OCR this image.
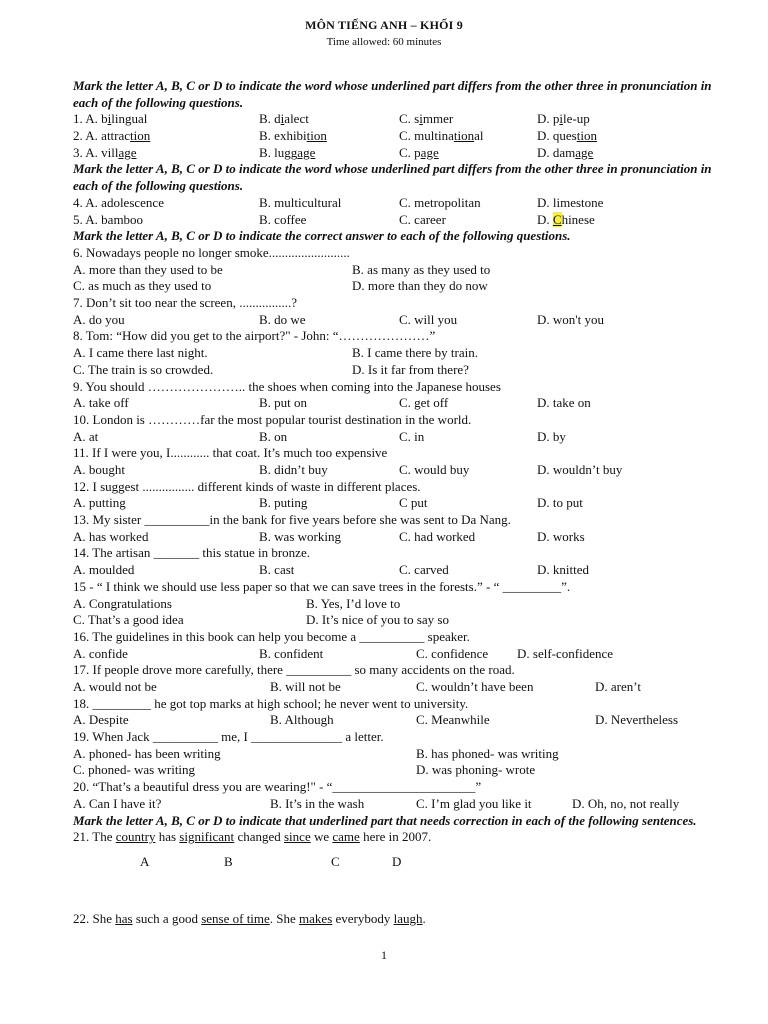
MÔN TIẾNG ANH – KHỐI 9
Time allowed: 60 minutes
Mark the letter A, B, C or D to indicate the word whose underlined part differs from the other three in pronunciation in each of the following questions.
1. A. bilingual	B. dialect	C. simmer	D. pile-up
2. A. attraction	B. exhibition	C. multinational	D. question
3. A. village	B. luggage	C. page	D. damage
Mark the letter A, B, C or D to indicate the word whose underlined part differs from the other three in pronunciation in each of the following questions.
4. A. adolescence	B. multicultural	C. metropolitan	D. limestone
5. A. bamboo	B. coffee	C. career	D. Chinese
Mark the letter A, B, C or D to indicate the correct answer to each of the following questions.
6. Nowadays people no longer smoke.........................
A. more than they used to be	B. as many as they used to
C. as much as they used to	D. more than they do now
7. Don’t sit too near the screen, ................?
A. do you	B. do we	C. will you	D. won't you
8. Tom: “How did you get to the airport?" - John: “…………………”
A. I came there last night.	B. I came there by train.
C. The train is so crowded.	D. Is it far from there?
9. You should ………………….. the shoes when coming into the Japanese houses
A. take off	B. put on	C. get off	D. take on
10. London is …………far the most popular tourist destination in the world.
A. at	B. on	C. in	D. by
11. If I were you, I............ that coat. It’s much too expensive
A. bought	B. didn’t buy	C. would buy	D. wouldn’t buy
12. I suggest ................ different kinds of waste in different places.
A. putting	B. puting	C put	D. to put
13. My sister __________in the bank for five years before she was sent to Da Nang.
A. has worked	B. was working	C. had worked	D. works
14. The artisan _______ this statue in bronze.
A. moulded	B. cast	C. carved	D. knitted
15 - “ I think we should use less paper so that we can save trees in the forests.” - “ _________”.
A. Congratulations	B. Yes, I’d love to
C. That’s a good idea	D. It’s nice of you to say so
16. The guidelines in this book can help you become a __________ speaker.
A. confide	B. confident	C. confidence D. self-confidence
17. If people drove more carefully, there __________ so many accidents on the road.
A. would not be	B. will not be	C. wouldn’t have been	D. aren’t
18. _________ he got top marks at high school; he never went to university.
A. Despite	B. Although	C. Meanwhile	D. Nevertheless
19. When Jack __________ me, I ______________ a letter.
A. phoned- has been writing	B. has phoned- was writing
C. phoned- was writing	D. was phoning- wrote
20. “That’s a beautiful dress you are wearing!" - “______________________”
A. Can I have it?	B. It’s in the wash	C. I’m glad you like it	D. Oh, no, not really
Mark the letter A, B, C or D to indicate that underlined part that needs correction in each of the following sentences.
21. The country has significant changed since we came here in 2007.
A	B	C	D
22. She has such a good sense of time. She makes everybody laugh.
1
